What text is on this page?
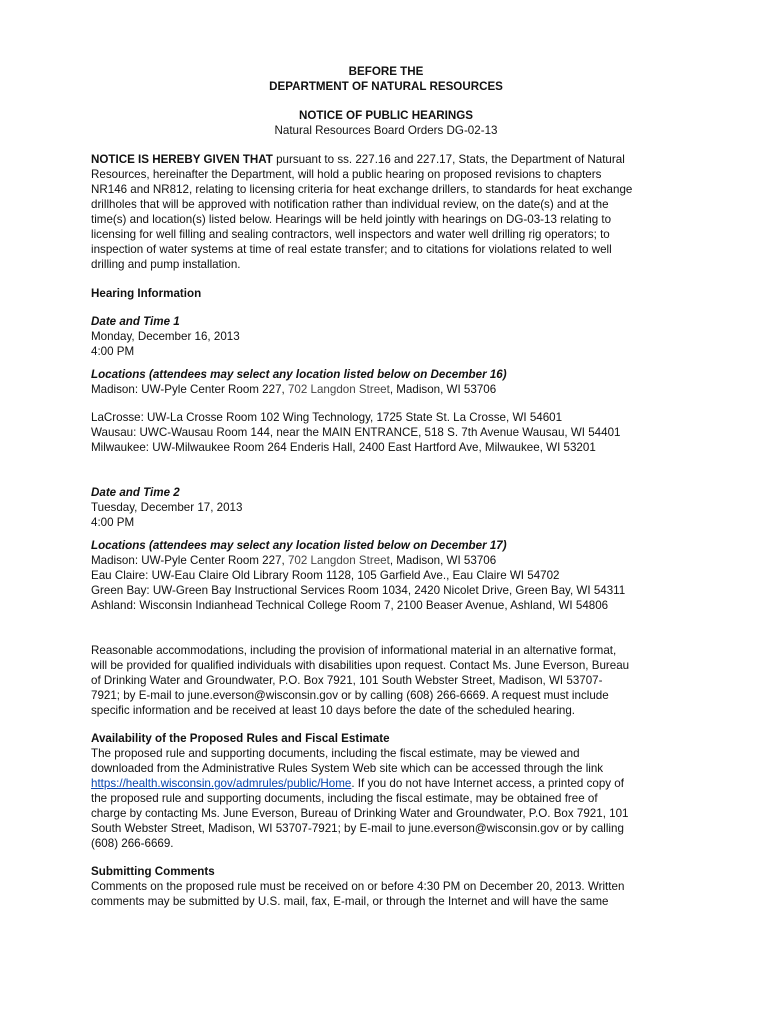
BEFORE THE
DEPARTMENT OF NATURAL RESOURCES
NOTICE OF PUBLIC HEARINGS
Natural Resources Board Orders DG-02-13
NOTICE IS HEREBY GIVEN THAT pursuant to ss. 227.16 and 227.17, Stats, the Department of Natural
Resources, hereinafter the Department, will hold a public hearing on proposed revisions to chapters
NR146 and NR812, relating to licensing criteria for heat exchange drillers, to standards for heat exchange
drillholes that will be approved with notification rather than individual review, on the date(s) and at the
time(s) and location(s) listed below. Hearings will be held jointly with hearings on DG-03-13 relating to
licensing for well filling and sealing contractors, well inspectors and water well drilling rig operators; to
inspection of water systems at time of real estate transfer; and to citations for violations related to well
drilling and pump installation.
Hearing Information
Date and Time 1
Monday, December 16, 2013
4:00 PM
Locations (attendees may select any location listed below on December 16)
Madison: UW-Pyle Center Room 227, 702 Langdon Street, Madison, WI 53706
LaCrosse: UW-La Crosse Room 102 Wing Technology, 1725 State St. La Crosse, WI 54601
Wausau: UWC-Wausau Room 144, near the MAIN ENTRANCE, 518 S. 7th Avenue Wausau, WI 54401
Milwaukee: UW-Milwaukee Room 264 Enderis Hall, 2400 East Hartford Ave, Milwaukee, WI 53201
Date and Time 2
Tuesday, December 17, 2013
4:00 PM
Locations (attendees may select any location listed below on December 17)
Madison: UW-Pyle Center Room 227, 702 Langdon Street, Madison, WI 53706
Eau Claire: UW-Eau Claire Old Library Room 1128, 105 Garfield Ave., Eau Claire WI 54702
Green Bay: UW-Green Bay Instructional Services Room 1034, 2420 Nicolet Drive, Green Bay, WI 54311
Ashland: Wisconsin Indianhead Technical College Room 7, 2100 Beaser Avenue, Ashland, WI 54806
Reasonable accommodations, including the provision of informational material in an alternative format,
will be provided for qualified individuals with disabilities upon request. Contact Ms. June Everson, Bureau
of Drinking Water and Groundwater, P.O. Box 7921, 101 South Webster Street, Madison, WI 53707-
7921; by E-mail to june.everson@wisconsin.gov or by calling (608) 266-6669. A request must include
specific information and be received at least 10 days before the date of the scheduled hearing.
Availability of the Proposed Rules and Fiscal Estimate
The proposed rule and supporting documents, including the fiscal estimate, may be viewed and
downloaded from the Administrative Rules System Web site which can be accessed through the link
https://health.wisconsin.gov/admrules/public/Home. If you do not have Internet access, a printed copy of
the proposed rule and supporting documents, including the fiscal estimate, may be obtained free of
charge by contacting Ms. June Everson, Bureau of Drinking Water and Groundwater, P.O. Box 7921, 101
South Webster Street, Madison, WI 53707-7921; by E-mail to june.everson@wisconsin.gov or by calling
(608) 266-6669.
Submitting Comments
Comments on the proposed rule must be received on or before 4:30 PM on December 20, 2013. Written
comments may be submitted by U.S. mail, fax, E-mail, or through the Internet and will have the same
